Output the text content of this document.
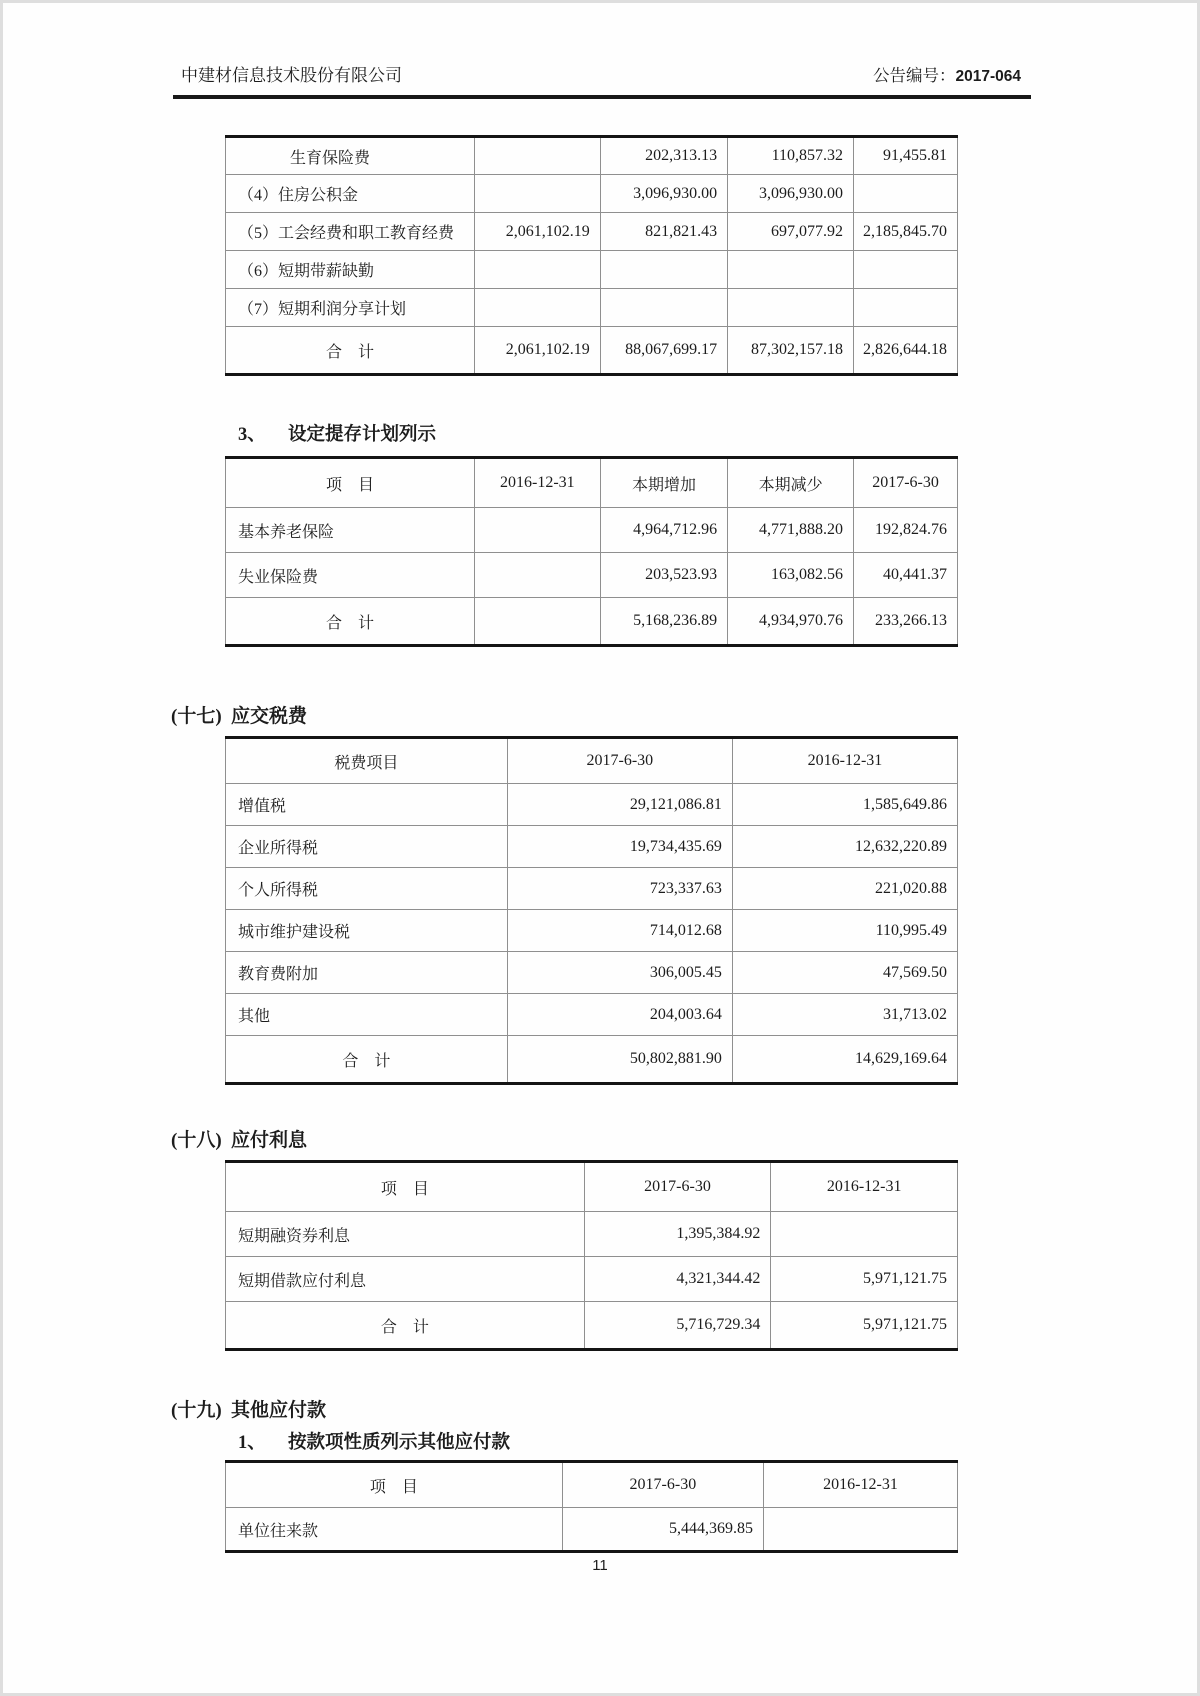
中建材信息技术股份有限公司	公告编号：2017-064
生育保险费		202,313.13	110,857.32	91,455.81
（4）住房公积金		3,096,930.00	3,096,930.00	
（5）工会经费和职工教育经费	2,061,102.19	821,821.43	697,077.92	2,185,845.70
（6）短期带薪缺勤				
（7）短期利润分享计划				
合　计	2,061,102.19	88,067,699.17	87,302,157.18	2,826,644.18
3、	设定提存计划列示
项　目	2016-12-31	本期增加	本期减少	2017-6-30
基本养老保险		4,964,712.96	4,771,888.20	192,824.76
失业保险费		203,523.93	163,082.56	40,441.37
合　计		5,168,236.89	4,934,970.76	233,266.13
(十七) 应交税费
税费项目	2017-6-30	2016-12-31
增值税	29,121,086.81	1,585,649.86
企业所得税	19,734,435.69	12,632,220.89
个人所得税	723,337.63	221,020.88
城市维护建设税	714,012.68	110,995.49
教育费附加	306,005.45	47,569.50
其他	204,003.64	31,713.02
合　计	50,802,881.90	14,629,169.64
(十八) 应付利息
项　目	2017-6-30	2016-12-31
短期融资券利息	1,395,384.92	
短期借款应付利息	4,321,344.42	5,971,121.75
合　计	5,716,729.34	5,971,121.75
(十九) 其他应付款
1、	按款项性质列示其他应付款
项　目	2017-6-30	2016-12-31
单位往来款	5,444,369.85	
11
